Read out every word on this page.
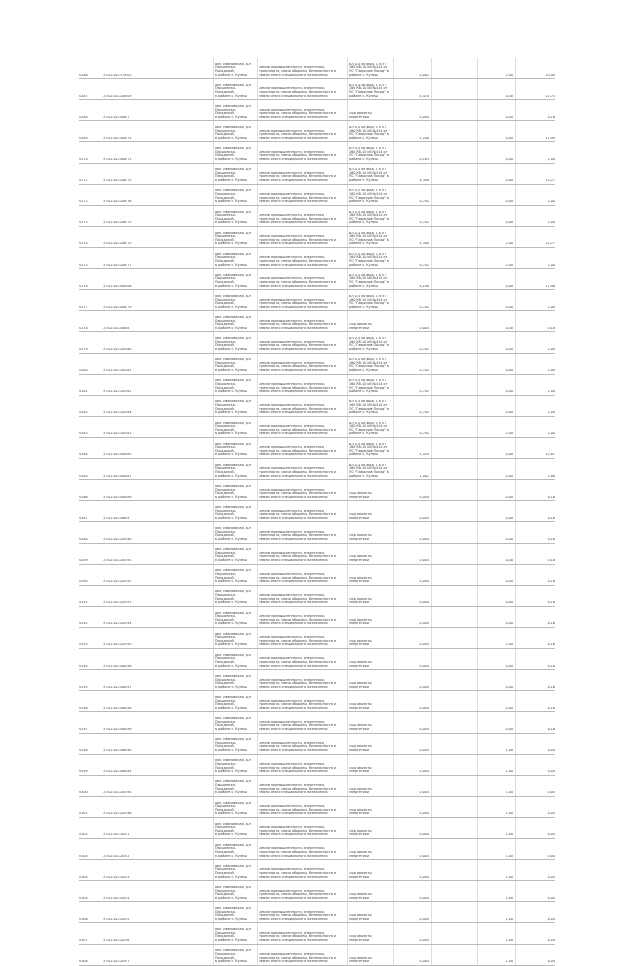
V286	37:02:011379:03
обл. Ивановская, р-н
Паршинско-Посадский,
в районе с. Кулеш
Земли промышленности, энергетики,
транспорта, связи обороны, безопасности и
земли иного специального назначения
ВЛ 0,4 кВ фид. 1 КТП
160 КВ-10 кВ №414 от
ПС "Гаврилов Посад" в
районе с. Кулеш	0,002	2,00	14,00
V287	37:02:011208:09
обл. Ивановская, р-н
Паршинско-Посадский,
в районе с. Кулеш
Земли промышленности, энергетики,
транспорта, связи обороны, безопасности и
земли иного специального назначения
ВЛ 0,4 кВ фид. 1 КТП
160 КВ-10 кВ №414 от
ПС "Гаврилов Посад" в
районе с. Кулеш	4,470	0,00	12,75
V288	37:02:011408:7
обл. Ивановская, р-н
Паршинско-Посадский,
в районе с. Кулеш
Земли промышленности, энергетики,
транспорта, связи обороны, безопасности и
земли иного специального назначения
Под объекты
энергетики	0,004	0,00	0,16
V289	37:02:011408:74
обл. Ивановская, р-н
Паршинско-Посадский,
в районе с. Кулеш
Земли промышленности, энергетики,
транспорта, связи обороны, безопасности и
земли иного специального назначения
ВЛ 0,4 кВ фид. 1 КТП
160 КВ-10 кВ №414 от
ПС "Гаврилов Посад" в
районе с. Кулеш	4,200	0,00	11,99
V270	37:02:011408:73
обл. Ивановская, р-н
Паршинско-Посадский,
в районе с. Кулеш
Земли промышленности, энергетики,
транспорта, связи обороны, безопасности и
земли иного специального назначения
ВЛ 0,4 кВ фид. 1 КТП
160 КВ-10 кВ №414 от
ПС "Гаврилов Посад" в
районе с. Кулеш	0,163	0,00	2,00
V271	37:02:011208:72
обл. Ивановская, р-н
Паршинско-Посадский,
в районе с. Кулеш
Земли промышленности, энергетики,
транспорта, связи обороны, безопасности и
земли иного специального назначения
ВЛ 0,4 кВ фид. 1 КТП
160 КВ-10 кВ №414 от
ПС "Гаврилов Посад" в
районе с. Кулеш	4,300	0,00	12,27
V272	37:02:011208:76
обл. Ивановская, р-н
Паршинско-Посадский,
в районе с. Кулеш
Земли промышленности, энергетики,
транспорта, связи обороны, безопасности и
земли иного специального назначения
ВЛ 0,4 кВ фид. 1 КТП
160 КВ-10 кВ №414 от
ПС "Гаврилов Посад" в
районе с. Кулеш	0,702	0,00	2,00
V273	37:02:011208:75
обл. Ивановская, р-н
Паршинско-Посадский,
в районе с. Кулеш
Земли промышленности, энергетики,
транспорта, связи обороны, безопасности и
земли иного специального назначения
ВЛ 0,4 кВ фид. 1 КТП
160 КВ-10 кВ №414 от
ПС "Гаврилов Посад" в
районе с. Кулеш	0,702	0,00	2,00
V274	37:02:011208:75
обл. Ивановская, р-н
Паршинско-Посадский,
в районе с. Кулеш
Земли промышленности, энергетики,
транспорта, связи обороны, безопасности и
земли иного специального назначения
ВЛ 0,4 кВ фид. 1 КТП
160 КВ-10 кВ №414 от
ПС "Гаврилов Посад" в
районе с. Кулеш	4,300	2,00	12,27
V275	37:02:011208:77
обл. Ивановская, р-н
Паршинско-Посадский,
в районе с. Кулеш
Земли промышленности, энергетики,
транспорта, связи обороны, безопасности и
земли иного специального назначения
ВЛ 0,4 кВ фид. 1 КТП
160 КВ-10 кВ №414 от
ПС "Гаврилов Посад" в
районе с. Кулеш	0,702	2,00	2,00
V276	37:02:011408:08
обл. Ивановская, р-н
Паршинско-Посадский,
в районе с. Кулеш
Земли промышленности, энергетики,
транспорта, связи обороны, безопасности и
земли иного специального назначения
ВЛ 0,4 кВ фид. 1 КТП
160 КВ-10 кВ №414 от
ПС "Гаврилов Посад" в
районе с. Кулеш	4,190	0,00	11,96
V277	37:02:011408:79
обл. Ивановская, р-н
Паршинско-Посадский,
в районе с. Кулеш
Земли промышленности, энергетики,
транспорта, связи обороны, безопасности и
земли иного специального назначения
ВЛ 0,4 кВ фид. 1 КТП
160 КВ-10 кВ №414 от
ПС "Гаврилов Посад" в
районе с. Кулеш	0,702	0,00	2,00
V278	37:02:011408:8
обл. Ивановская, р-н
Паршинско-Посадский,
в районе с. Кулеш
Земли промышленности, энергетики,
транспорта, связи обороны, безопасности и
земли иного специального назначения
Под объекты
энергетики	0,004	0,00	0,16
V279	37:02:011205:80
обл. Ивановская, р-н
Паршинско-Посадский,
в районе с. Кулеш
Земли промышленности, энергетики,
транспорта, связи обороны, безопасности и
земли иного специального назначения
ВЛ 0,4 кВ фид. 1 КТП
160 КВ-10 кВ №414 от
ПС "Гаврилов Посад" в
районе с. Кулеш	0,702	0,00	2,00
V280	37:02:011205:81
обл. Ивановская, р-н
Паршинско-Посадский,
в районе с. Кулеш
Земли промышленности, энергетики,
транспорта, связи обороны, безопасности и
земли иного специального назначения
ВЛ 0,4 кВ фид. 1 КТП
160 КВ-10 кВ №414 от
ПС "Гаврилов Посад" в
районе с. Кулеш	0,702	0,00	2,00
V281	37:02:011205:82
обл. Ивановская, р-н
Паршинско-Посадский,
в районе с. Кулеш
Земли промышленности, энергетики,
транспорта, связи обороны, безопасности и
земли иного специального назначения
ВЛ 0,4 кВ фид. 1 КТП
160 КВ-10 кВ №414 от
ПС "Гаврилов Посад" в
районе с. Кулеш	0,702	0,00	2,00
V282	37:02:011205:84
обл. Ивановская, р-н
Паршинско-Посадский,
в районе с. Кулеш
Земли промышленности, энергетики,
транспорта, связи обороны, безопасности и
земли иного специального назначения
ВЛ 0,4 кВ фид. 1 КТП
160 КВ-10 кВ №414 от
ПС "Гаврилов Посад" в
районе с. Кулеш	0,702	0,00	2,00
V283	37:02:011205:83
обл. Ивановская, р-н
Паршинско-Посадский,
в районе с. Кулеш
Земли промышленности, энергетики,
транспорта, связи обороны, безопасности и
земли иного специального назначения
ВЛ 0,4 кВ фид. 1 КТП
160 КВ-10 кВ №414 от
ПС "Гаврилов Посад" в
районе с. Кулеш	0,702	2,00	2,00
V284	37:02:011408:85
обл. Ивановская, р-н
Паршинско-Посадский,
в районе с. Кулеш
Земли промышленности, энергетики,
транспорта, связи обороны, безопасности и
земли иного специального назначения
ВЛ 0,4 кВ фид. 1 КТП
160 КВ-10 кВ №414 от
ПС "Гаврилов Посад" в
районе с. Кулеш	4,510	0,00	12,87
V285	37:02:011408:87
обл. Ивановская, р-н
Паршинско-Посадский,
в районе с. Кулеш
Земли промышленности, энергетики,
транспорта, связи обороны, безопасности и
земли иного специального назначения
ВЛ 0,4 кВ фид. 1 КТП
160 КВ-10 кВ №414 от
ПС "Гаврилов Посад" в
районе с. Кулеш	1,002	0,00	2,86
V286	37:02:011408:89
обл. Ивановская, р-н
Паршинско-Посадский,
в районе с. Кулеш
Земли промышленности, энергетики,
транспорта, связи обороны, безопасности и
земли иного специального назначения
Под объекты
энергетики	0,004	0,00	0,16
V287	37:02:011408:9
обл. Ивановская, р-н
Паршинско-Посадский,
в районе с. Кулеш
Земли промышленности, энергетики,
транспорта, связи обороны, безопасности и
земли иного специального назначения
Под объекты
энергетики	0,004	0,00	0,16
V288	37:02:011205:90
обл. Ивановская, р-н
Паршинско-Посадский,
в районе с. Кулеш
Земли промышленности, энергетики,
транспорта, связи обороны, безопасности и
земли иного специального назначения
Под объекты
энергетики	0,004	0,00	0,16
V289	37:02:011205:91
обл. Ивановская, р-н
Паршинско-Посадский,
в районе с. Кулеш
Земли промышленности, энергетики,
транспорта, связи обороны, безопасности и
земли иного специального назначения
Под объекты
энергетики	0,004	0,00	0,16
V290	37:02:011205:92
обл. Ивановская, р-н
Паршинско-Посадский,
в районе с. Кулеш
Земли промышленности, энергетики,
транспорта, связи обороны, безопасности и
земли иного специального назначения
Под объекты
энергетики	0,004	0,00	0,16
V291	37:02:011205:93
обл. Ивановская, р-н
Паршинско-Посадский,
в районе с. Кулеш
Земли промышленности, энергетики,
транспорта, связи обороны, безопасности и
земли иного специального назначения
Под объекты
энергетики	0,004	0,00	0,16
V292	37:02:011205:94
обл. Ивановская, р-н
Паршинско-Посадский,
в районе с. Кулеш
Земли промышленности, энергетики,
транспорта, связи обороны, безопасности и
земли иного специального назначения
Под объекты
энергетики	0,004	0,00	0,16
V293	37:02:011205:95
обл. Ивановская, р-н
Паршинско-Посадский,
в районе с. Кулеш
Земли промышленности, энергетики,
транспорта, связи обороны, безопасности и
земли иного специального назначения
Под объекты
энергетики	0,004	2,00	0,16
V294	37:02:011408:96
обл. Ивановская, р-н
Паршинско-Посадский,
в районе с. Кулеш
Земли промышленности, энергетики,
транспорта, связи обороны, безопасности и
земли иного специального назначения
Под объекты
энергетики	0,004	0,00	0,16
V295	37:02:011408:97
обл. Ивановская, р-н
Паршинско-Посадский,
в районе с. Кулеш
Земли промышленности, энергетики,
транспорта, связи обороны, безопасности и
земли иного специального назначения
Под объекты
энергетики	0,004	0,00	0,16
V296	37:02:011408:98
обл. Ивановская, р-н
Паршинско-Посадский,
в районе с. Кулеш
Земли промышленности, энергетики,
транспорта, связи обороны, безопасности и
земли иного специального назначения
Под объекты
энергетики	0,004	0,00	0,16
V297	37:02:011408:99
обл. Ивановская, р-н
Паршинско-Посадский,
в районе с. Кулеш
Земли промышленности, энергетики,
транспорта, связи обороны, безопасности и
земли иного специального назначения
Под объекты
энергетики	0,004	0,00	0,16
V298	37:02:011408:90
обл. Ивановская, р-н
Паршинско-Посадский,
в районе с. Кулеш
Земли промышленности, энергетики,
транспорта, связи обороны, безопасности и
земли иного специального назначения
Под объекты
энергетики	0,004	1,00	0,04
V299	37:02:011408:94
обл. Ивановская, р-н
Паршинско-Посадский,
в районе с. Кулеш
Земли промышленности, энергетики,
транспорта, связи обороны, безопасности и
земли иного специального назначения
Под объекты
энергетики	0,004	1,00	0,04
V300	37:02:011205:94
обл. Ивановская, р-н
Паршинско-Посадский,
в районе с. Кулеш
Земли промышленности, энергетики,
транспорта, связи обороны, безопасности и
земли иного специального назначения
Под объекты
энергетики	0,004	1,00	0,04
V301	37:02:011205:96
обл. Ивановская, р-н
Паршинско-Посадский,
в районе с. Кулеш
Земли промышленности, энергетики,
транспорта, связи обороны, безопасности и
земли иного специального назначения
Под объекты
энергетики	0,004	1,00	0,04
V302	37:02:011205:1
обл. Ивановская, р-н
Паршинско-Посадский,
в районе с. Кулеш
Земли промышленности, энергетики,
транспорта, связи обороны, безопасности и
земли иного специального назначения
Под объекты
энергетики	0,004	1,00	0,04
V303	37:02:011205:2
обл. Ивановская, р-н
Паршинско-Посадский,
в районе с. Кулеш
Земли промышленности, энергетики,
транспорта, связи обороны, безопасности и
земли иного специального назначения
Под объекты
энергетики	0,004	1,00	0,04
V304	37:02:011205:3
обл. Ивановская, р-н
Паршинско-Посадский,
в районе с. Кулеш
Земли промышленности, энергетики,
транспорта, связи обороны, безопасности и
земли иного специального назначения
Под объекты
энергетики	0,004	1,00	0,04
V305	37:02:011205:4
обл. Ивановская, р-н
Паршинско-Посадский,
в районе с. Кулеш
Земли промышленности, энергетики,
транспорта, связи обороны, безопасности и
земли иного специального назначения
Под объекты
энергетики	0,004	1,00	0,04
V306	37:02:011205:5
обл. Ивановская, р-н
Паршинско-Посадский,
в районе с. Кулеш
Земли промышленности, энергетики,
транспорта, связи обороны, безопасности и
земли иного специального назначения
Под объекты
энергетики	0,004	1,00	0,04
V307	37:02:011205:6
обл. Ивановская, р-н
Паршинско-Посадский,
в районе с. Кулеш
Земли промышленности, энергетики,
транспорта, связи обороны, безопасности и
земли иного специального назначения
Под объекты
энергетики	0,004	1,00	0,04
V308	37:02:011205:7
обл. Ивановская, р-н
Паршинско-Посадский,
в районе с. Кулеш
Земли промышленности, энергетики,
транспорта, связи обороны, безопасности и
земли иного специального назначения
Под объекты
энергетики	0,004	1,00	0,04
